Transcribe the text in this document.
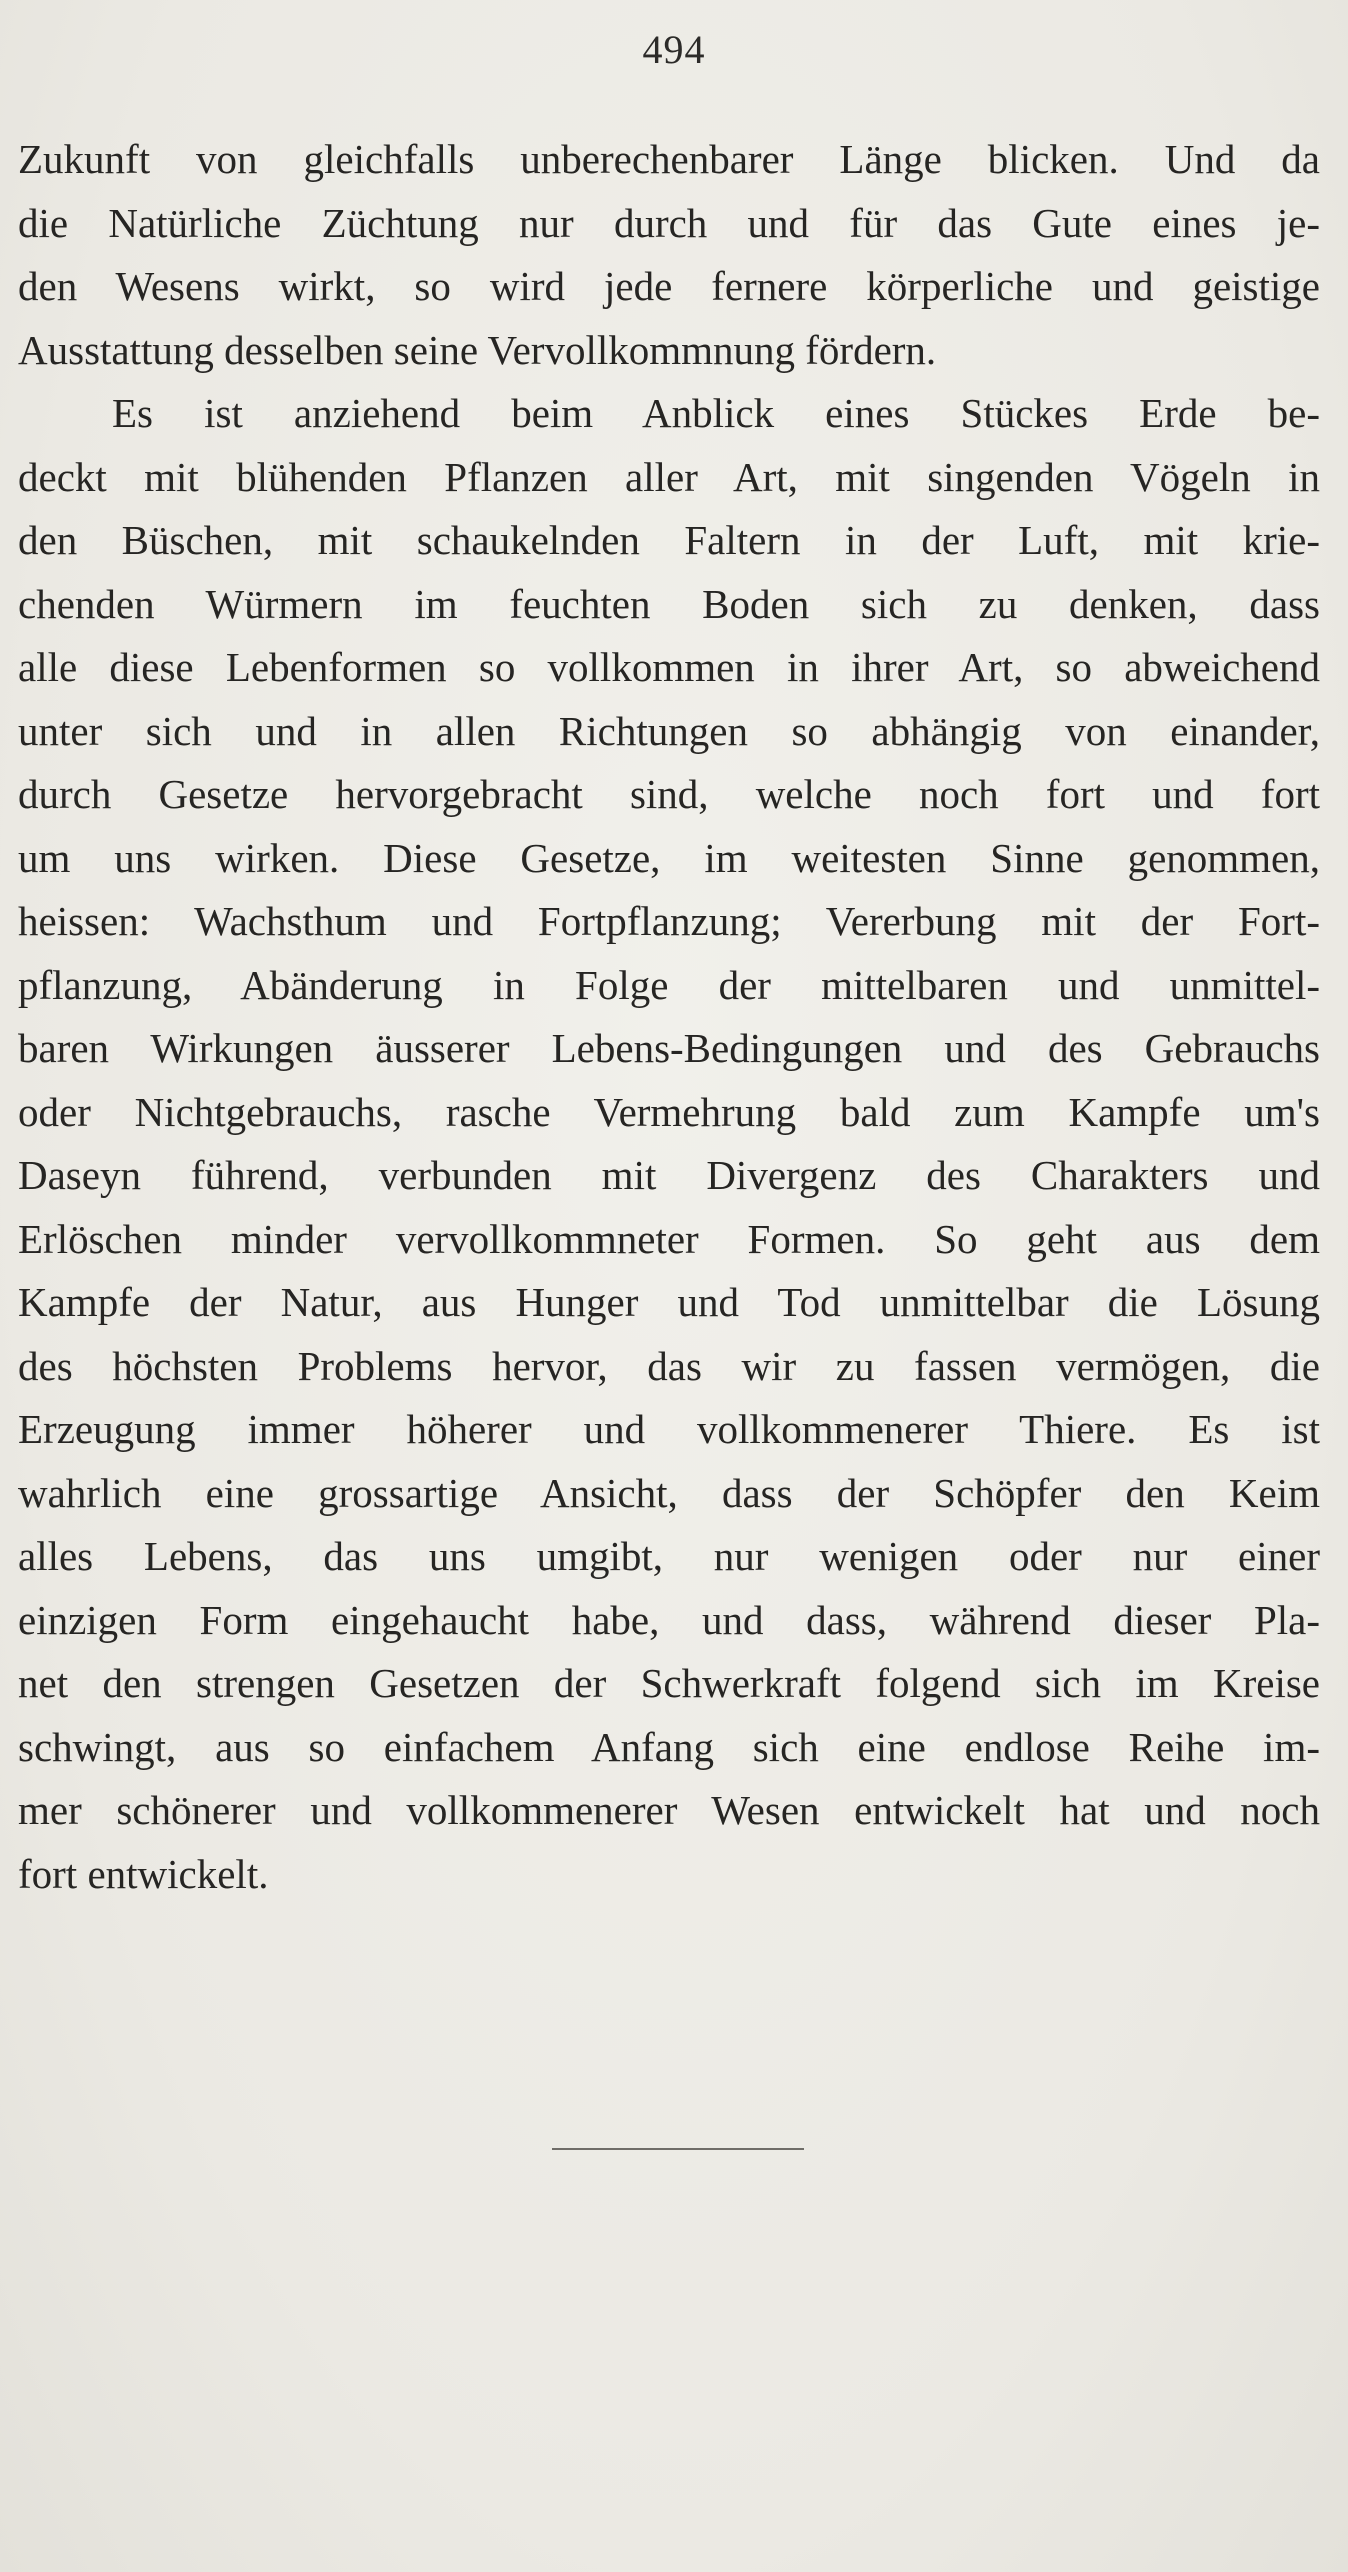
494
Zukunft von gleichfalls unberechenbarer Länge blicken. Und da
die Natürliche Züchtung nur durch und für das Gute eines je-
den Wesens wirkt, so wird jede fernere körperliche und geistige
Ausstattung desselben seine Vervollkommnung fördern.
Es ist anziehend beim Anblick eines Stückes Erde be-
deckt mit blühenden Pflanzen aller Art, mit singenden Vögeln in
den Büschen, mit schaukelnden Faltern in der Luft, mit krie-
chenden Würmern im feuchten Boden sich zu denken, dass
alle diese Lebenformen so vollkommen in ihrer Art, so abweichend
unter sich und in allen Richtungen so abhängig von einander,
durch Gesetze hervorgebracht sind, welche noch fort und fort
um uns wirken. Diese Gesetze, im weitesten Sinne genommen,
heissen: Wachsthum und Fortpflanzung; Vererbung mit der Fort-
pflanzung, Abänderung in Folge der mittelbaren und unmittel-
baren Wirkungen äusserer Lebens-Bedingungen und des Gebrauchs
oder Nichtgebrauchs, rasche Vermehrung bald zum Kampfe um's
Daseyn führend, verbunden mit Divergenz des Charakters und
Erlöschen minder vervollkommneter Formen. So geht aus dem
Kampfe der Natur, aus Hunger und Tod unmittelbar die Lösung
des höchsten Problems hervor, das wir zu fassen vermögen, die
Erzeugung immer höherer und vollkommenerer Thiere. Es ist
wahrlich eine grossartige Ansicht, dass der Schöpfer den Keim
alles Lebens, das uns umgibt, nur wenigen oder nur einer
einzigen Form eingehaucht habe, und dass, während dieser Pla-
net den strengen Gesetzen der Schwerkraft folgend sich im Kreise
schwingt, aus so einfachem Anfang sich eine endlose Reihe im-
mer schönerer und vollkommenerer Wesen entwickelt hat und noch
fort entwickelt.
